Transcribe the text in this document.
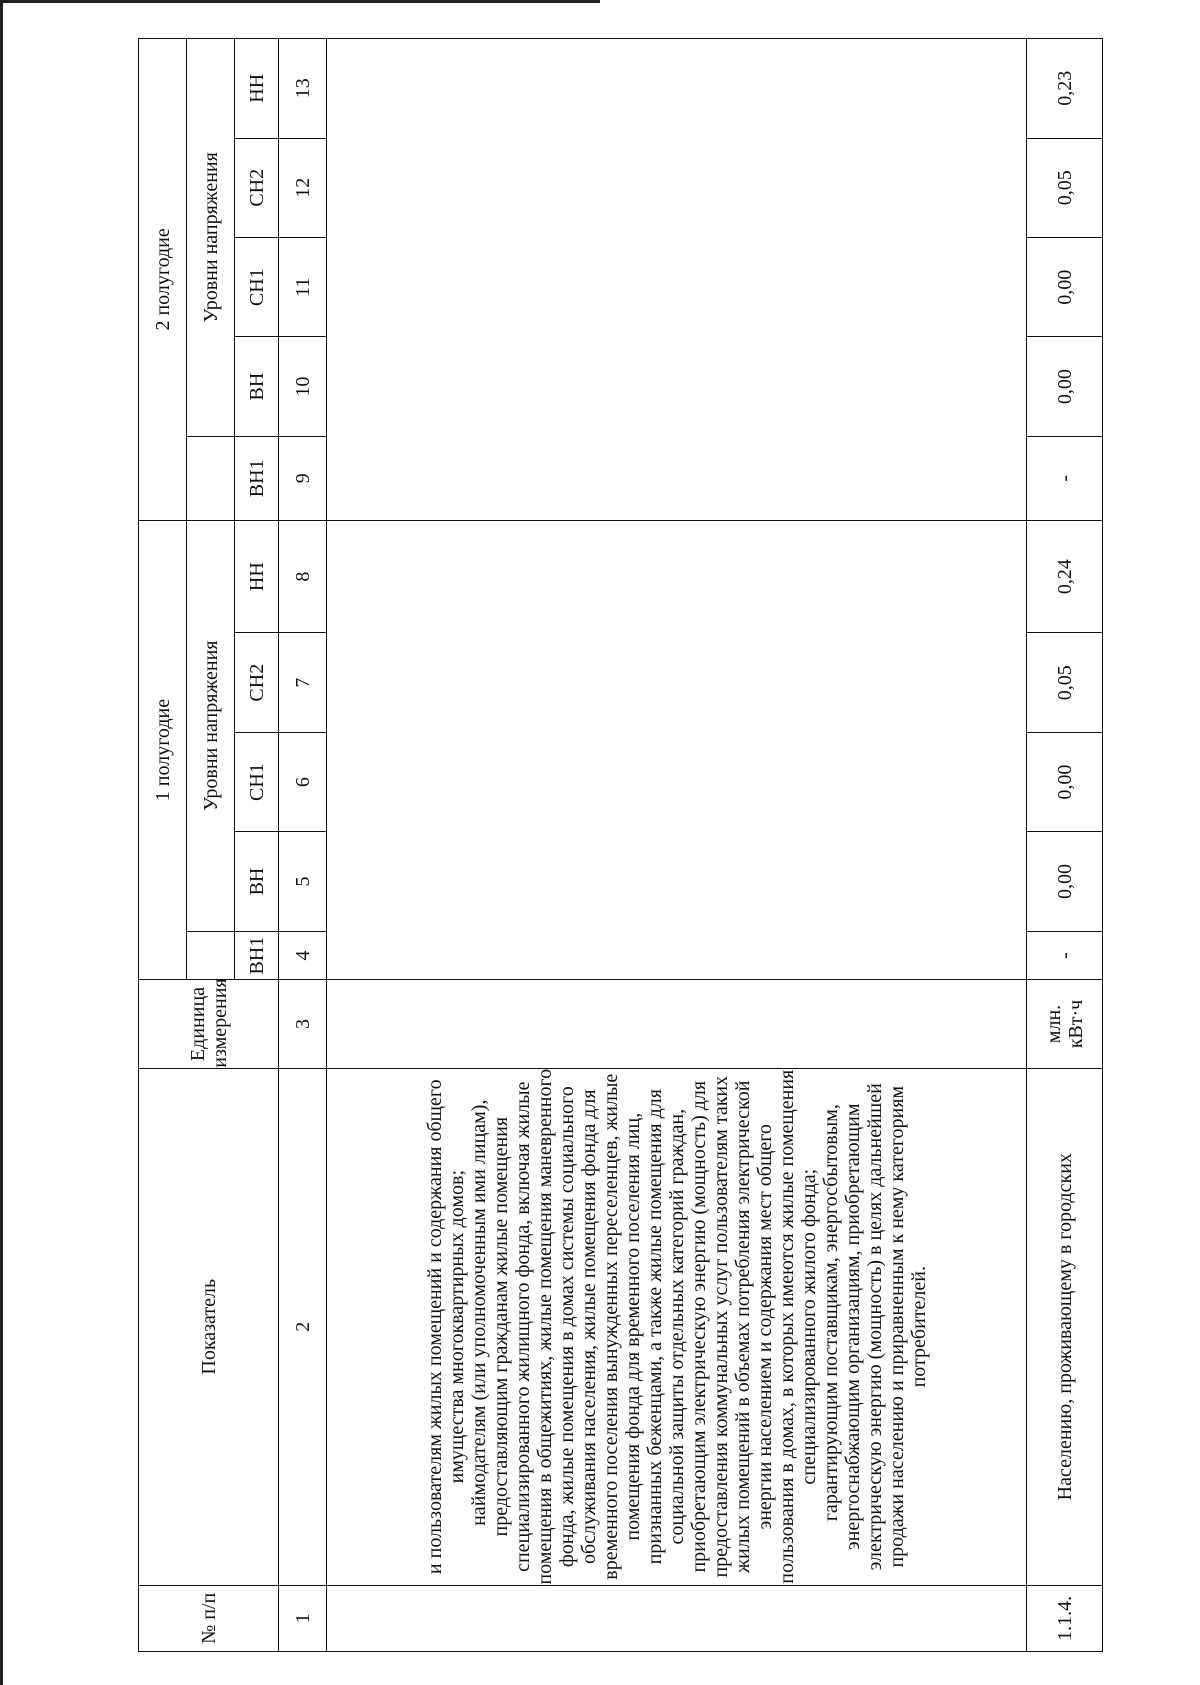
№ п/п	Показатель	Единица измерения	1 полугодие					2 полугодие				
				Уровни напряжения					Уровни напряжения			
			ВН1	ВН	СН1	СН2	НН	ВН1	ВН	СН1	СН2	НН
1	2	3	4	5	6	7	8	9	10	11	12	13

	и пользователям жилых помещений и содержания общего имущества многоквартирных домов; наймодателям (или уполномоченным ими лицам), предоставляющим гражданам жилые помещения специализированного жилищного фонда, включая жилые помещения в общежитиях, жилые помещения маневренного фонда, жилые помещения в домах системы социального обслуживания населения, жилые помещения фонда для временного поселения вынужденных переселенцев, жилые помещения фонда для временного поселения лиц, признанных беженцами, а также жилые помещения для социальной защиты отдельных категорий граждан, приобретающим электрическую энергию (мощность) для предоставления коммунальных услуг пользователям таких жилых помещений в объемах потребления электрической энергии населением и содержания мест общего пользования в домах, в которых имеются жилые помещения специализированного жилого фонда; гарантирующим поставщикам, энергосбытовым, энергоснабжающим организациям, приобретающим электрическую энергию (мощность) в целях дальнейшей продажи населению и приравненным к нему категориям потребителей.											

1.1.4.	Населению, проживающему в городских	млн. кВт·ч	-	0,00	0,00	0,05	0,24	-	0,00	0,00	0,05	0,23
